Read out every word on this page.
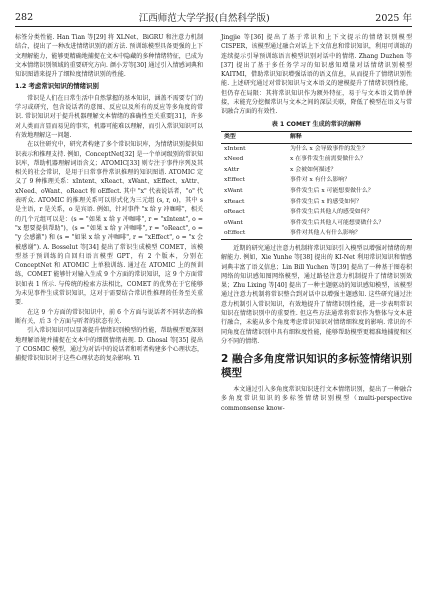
282	江西师范大学学报(自然科学版)	2025 年

标签分类性能. Han Tian 等[29] 将 XLNet、BiGRU 和注意力机制结合，提出了一种改进情绪识别的新方法. 预训练模型具备更强的上下文理解能力，能够更精确地捕捉在文本中隐藏的多种情绪特征，已成为文本情绪识别领域的重要研究方向. 颜小芳等[30] 通过引入情感词典和知识图谱来提升了细粒度情绪识别的性能.

1.2 考虑常识知识的情绪识别

常识是人们在日常生活中自然掌握的基本知识，涵盖不需要专门的学习或研究，包含说话者的意图、反应以及所有的反应等多角度的常识. 常识知识对于提升机器理解文本情绪的准确性至关重要[31]，许多对人类而言显而易见的事实，机器可能难以理解，而引入常识知识可以有效地理解这一问题.

在以往研究中，研究者构建了多个常识知识库，为情绪识别提供知识表示和推理支持. 例如，ConceptNet[32] 是一个单词级别的常识知识库，帮助机器理解词语含义；ATOMIC[33] 则专注于事件序列及其相关的社会常识，是用于日常事件常识推理的知识图谱. ATOMIC 定义了 9 种推理关系：xIntent、xReact、xWant、xEffect、xAttr、xNeed、oWant、oReact 和 oEffect. 其中 "x" 代表说话者，"o" 代表听众. ATOMIC 的推理关系可以形式化为三元组 (s, r, o)，其中 s 是主语，r 是关系，o 是宾语. 例如，针对事件 "x 给 y 冲咖啡"，相关的几个元组可以是：(s = "如果 x 给 y 冲咖啡", r = "xIntent", o = "x 想要提供帮助")，(s = "如果 x 给 y 冲咖啡", r = "oReact", o = "y 会感激") 和 (s = "如果 x 给 y 冲咖啡", r = "xEffect", o = "x 会被感谢"). A. Bosselut 等[34] 提出了常识生成模型 COMET，该模型基于预训练的自回归语言模型 GPT，有 2 个版本，分别在 ConceptNet 和 ATOMIC 上单独训练. 通过在 ATOMIC 上的预训练，COMET 能够针对输入生成 9 个方面的常识知识，这 9 个方面常识如表 1 所示. 与传统的检索方法相比，COMET 的优势在于它能够为未见事件生成常识知识，这对于需要结合常识性推理的任务至关重要.

在这 9 个方面的常识知识中，前 6 个方面与说话者不同状态的推断有关，后 3 个方面与听者的状态有关.

引入常识知识可以显著提升情绪识别模型的性能，帮助模型更深刻地理解语境并捕捉在文本中的细微情绪表现. D. Ghosal 等[35] 提出了 COSMIC 模型，通过为对话中的说话者和听者构建多个心理状态，捕捉常识知识对于这些心理状态的复杂影响. Yi

Jingjie 等[36] 提出了基于常识和上下文提示的情绪识别模型 CISPER，该模型通过融合对话上下文信息和常识知识，利用可训练的连续提示引导预训练语言模型识别对话中的情绪. Zhang Duzhen 等[37] 提出了基于多任务学习的知识感知增量对话情绪识别模型 KAITMI，借助常识知识增强话语的语义信息，从而提升了情绪识别性能. 上述研究通过对常识知识与文本语义的建模提升了情绪识别性能，但仍存在局限：其将常识知识作为额外特征，易于与文本语义简单拼接，未能充分挖掘常识与文本之间的深层关联，降低了模型在语义与常识融合方面的有效性.

表 1 COMET 生成的常识的解释
类型	解释
xIntent	为什么 x 会导致事件的发生？
xNeed	x 在事件发生前需要做什么？
xAttr	x 会被如何描述？
xEffect	事件对 x 有什么影响？
xWant	事件发生后 x 可能想要做什么？
xReact	事件发生后 x 的感受如何？
oReact	事件发生后其他人的感受如何？
oWant	事件发生后其他人可能想要做什么？
oEffect	事件对其他人有什么影响？

近期的研究通过注意力机制将常识知识引入模型以增强对情绪的理解能力. 例如，Xie Yunhe 等[38] 提出的 KI-Net 利用常识知识和情感词典丰富了语义信息；Lin Bill Yuchen 等[39] 提出了一种基于图卷积网络的知识感知图网络模型，通过路径注意力机制提升了情绪识别效果；Zhu Lixing 等[40] 提出了一种主题驱动的知识感知模型，该模型通过注意力机制将常识整合到对话中以增强主题感知. 这些研究通过注意力机制引入常识知识，有效地提升了情绪识别性能，进一步表明常识知识在情绪识别中的重要性. 但这些方法通常将常识作为整体与文本进行融合，未能从多个角度考虑常识知识对情绪细粒度的影响. 常识的不同角度在情绪识别中具有细粒度性能，能够帮助模型更精准地捕捉和区分不同的情绪.

2 融合多角度常识知识的多标签情绪识别模型

本文通过引入多角度常识知识进行文本情绪识别，提出了一种融合多角度常识知识的多标签情绪识别模型（multi-perspective commonsense know-
